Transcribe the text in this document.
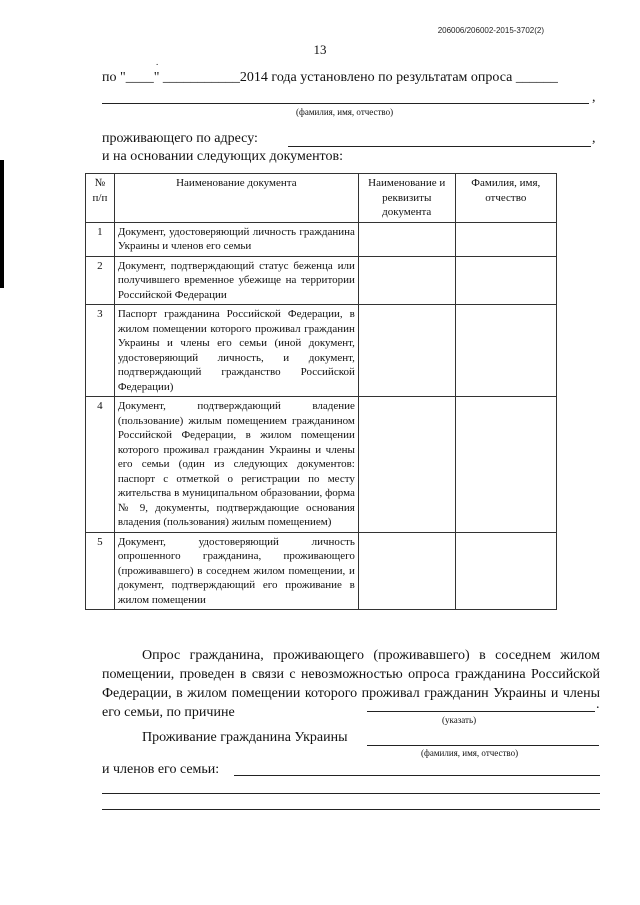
206006/206002-2015-3702(2)
13
.
по "____" ___________2014 года установлено по результатам опроса ______
,
(фамилия, имя, отчество)
проживающего по адресу:	,
и на основании следующих документов:
№ п/п	Наименование документа	Наименование и реквизиты документа	Фамилия, имя, отчество
1	Документ, удостоверяющий личность гражданина Украины и членов его семьи		
2	Документ, подтверждающий статус беженца или получившего временное убежище на территории Российской Федерации		
3	Паспорт гражданина Российской Федерации, в жилом помещении которого проживал гражданин Украины и члены его семьи (иной документ, удостоверяющий личность, и документ, подтверждающий гражданство Российской Федерации)		
4	Документ, подтверждающий владение (пользование) жилым помещением гражданином Российской Федерации, в жилом помещении которого проживал гражданин Украины и члены его семьи (один из следующих документов: паспорт с отметкой о регистрации по месту жительства в муниципальном образовании, форма № 9, документы, подтверждающие основания владения (пользования) жилым помещением)		
5	Документ, удостоверяющий личность опрошенного гражданина, проживающего (проживавшего) в соседнем жилом помещении, и документ, подтверждающий его проживание в жилом помещении		
Опрос гражданина, проживающего (проживавшего) в соседнем жилом помещении, проведен в связи с невозможностью опроса гражданина Российской Федерации, в жилом помещении которого проживал гражданин Украины и члены его семьи, по причине
.
(указать)
Проживание гражданина Украины
(фамилия, имя, отчество)
и членов его семьи:
